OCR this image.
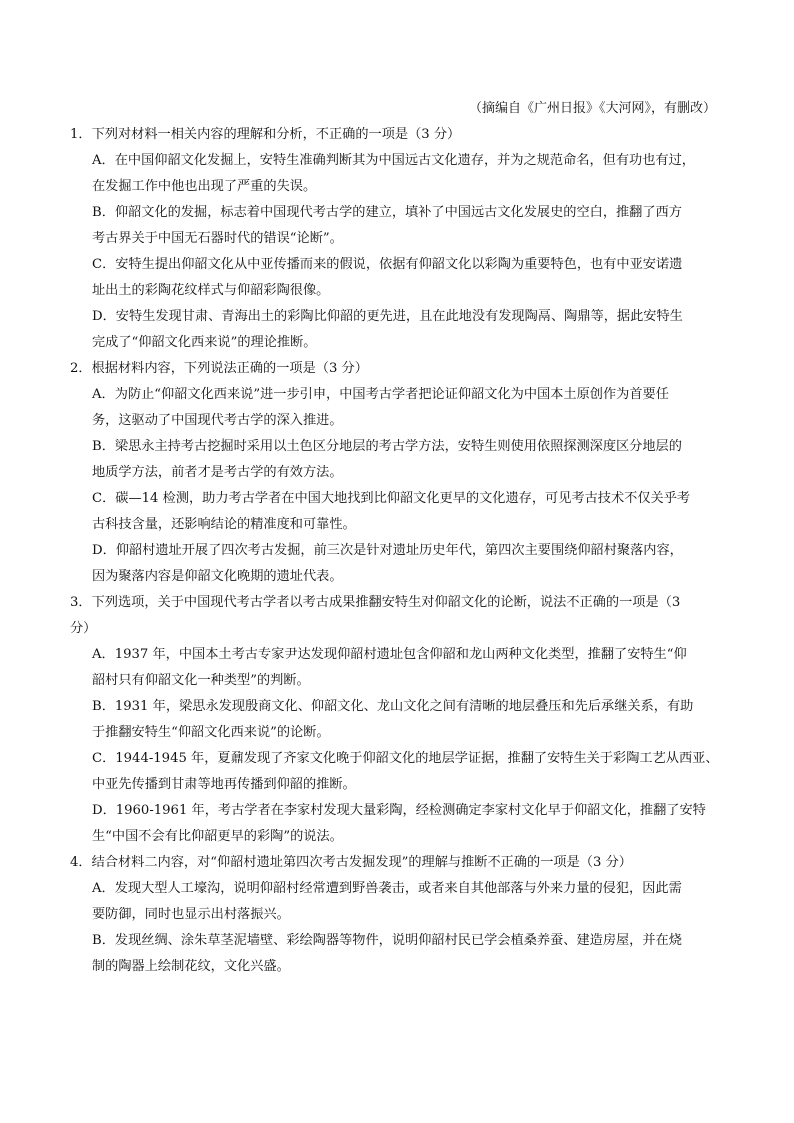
（摘编自《广州日报》《大河网》，有删改）
1．下列对材料一相关内容的理解和分析，不正确的一项是（3 分）
A．在中国仰韶文化发掘上，安特生准确判断其为中国远古文化遗存，并为之规范命名，但有功也有过，
在发掘工作中他也出现了严重的失误。
B．仰韶文化的发掘，标志着中国现代考古学的建立，填补了中国远古文化发展史的空白，推翻了西方
考古界关于中国无石器时代的错误“论断”。
C．安特生提出仰韶文化从中亚传播而来的假说，依据有仰韶文化以彩陶为重要特色，也有中亚安诺遗
址出土的彩陶花纹样式与仰韶彩陶很像。
D．安特生发现甘肃、青海出土的彩陶比仰韶的更先进，且在此地没有发现陶鬲、陶鼎等，据此安特生
完成了“仰韶文化西来说”的理论推断。
2．根据材料内容，下列说法正确的一项是（3 分）
A．为防止“仰韶文化西来说”进一步引申，中国考古学者把论证仰韶文化为中国本土原创作为首要任
务，这驱动了中国现代考古学的深入推进。
B．梁思永主持考古挖掘时采用以土色区分地层的考古学方法，安特生则使用依照探测深度区分地层的
地质学方法，前者才是考古学的有效方法。
C．碳—14 检测，助力考古学者在中国大地找到比仰韶文化更早的文化遗存，可见考古技术不仅关乎考
古科技含量，还影响结论的精准度和可靠性。
D．仰韶村遗址开展了四次考古发掘，前三次是针对遗址历史年代，第四次主要围绕仰韶村聚落内容，
因为聚落内容是仰韶文化晚期的遗址代表。
3．下列选项，关于中国现代考古学者以考古成果推翻安特生对仰韶文化的论断，说法不正确的一项是（3
分）
A．1937 年，中国本土考古专家尹达发现仰韶村遗址包含仰韶和龙山两种文化类型，推翻了安特生“仰
韶村只有仰韶文化一种类型”的判断。
B．1931 年，梁思永发现殷商文化、仰韶文化、龙山文化之间有清晰的地层叠压和先后承继关系，有助
于推翻安特生“仰韶文化西来说”的论断。
C．1944-1945 年，夏鼐发现了齐家文化晚于仰韶文化的地层学证据，推翻了安特生关于彩陶工艺从西亚、
中亚先传播到甘肃等地再传播到仰韶的推断。
D．1960-1961 年，考古学者在李家村发现大量彩陶，经检测确定李家村文化早于仰韶文化，推翻了安特
生“中国不会有比仰韶更早的彩陶”的说法。
4．结合材料二内容，对“仰韶村遗址第四次考古发掘发现”的理解与推断不正确的一项是（3 分）
A．发现大型人工壕沟，说明仰韶村经常遭到野兽袭击，或者来自其他部落与外来力量的侵犯，因此需
要防御，同时也显示出村落振兴。
B．发现丝绸、涂朱草茎泥墙壁、彩绘陶器等物件，说明仰韶村民已学会植桑养蚕、建造房屋，并在烧
制的陶器上绘制花纹，文化兴盛。
